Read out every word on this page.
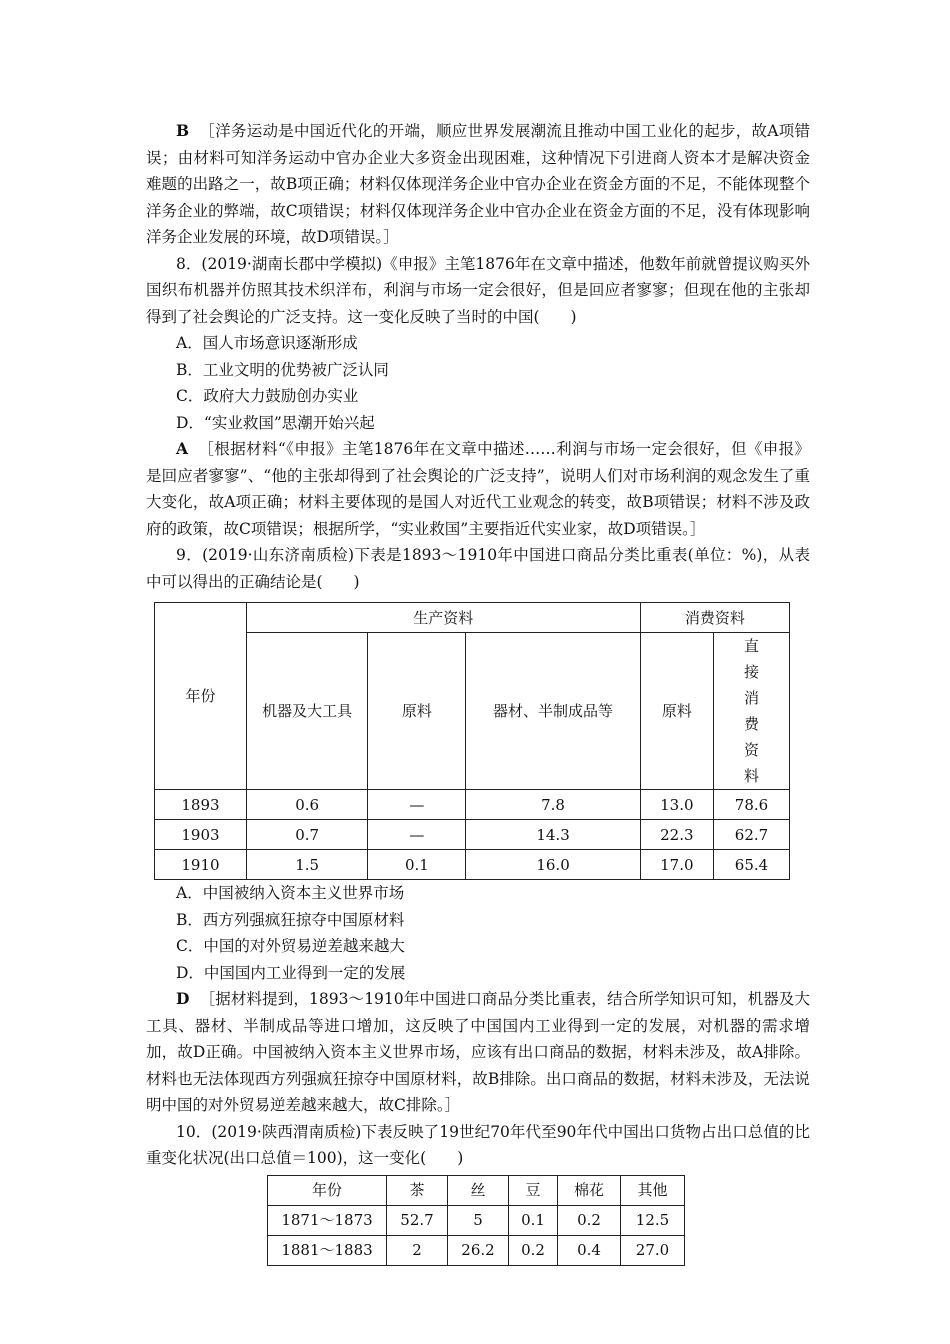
B ［洋务运动是中国近代化的开端，顺应世界发展潮流且推动中国工业化的起步，故A项错误；由材料可知洋务运动中官办企业大多资金出现困难，这种情况下引进商人资本才是解决资金难题的出路之一，故B项正确；材料仅体现洋务企业中官办企业在资金方面的不足，不能体现整个洋务企业的弊端，故C项错误；材料仅体现洋务企业中官办企业在资金方面的不足，没有体现影响洋务企业发展的环境，故D项错误。］

8．(2019·湖南长郡中学模拟)《申报》主笔1876年在文章中描述，他数年前就曾提议购买外国织布机器并仿照其技术织洋布，利润与市场一定会很好，但是回应者寥寥；但现在他的主张却得到了社会舆论的广泛支持。这一变化反映了当时的中国(　　)

A．国人市场意识逐渐形成

B．工业文明的优势被广泛认同

C．政府大力鼓励创办实业

D．“实业救国”思潮开始兴起

A ［根据材料“《申报》主笔1876年在文章中描述……利润与市场一定会很好，但《申报》是回应者寥寥”、“他的主张却得到了社会舆论的广泛支持”，说明人们对市场利润的观念发生了重大变化，故A项正确；材料主要体现的是国人对近代工业观念的转变，故B项错误；材料不涉及政府的政策，故C项错误；根据所学，“实业救国”主要指近代实业家，故D项错误。］

9．(2019·山东济南质检)下表是1893～1910年中国进口商品分类比重表(单位：%)，从表中可以得出的正确结论是(　　)

年份	生产资料			消费资料	
	机器及大工具	原料	器材、半制成品等	原料	直接消费资料
1893	0.6	—	7.8	13.0	78.6
1903	0.7	—	14.3	22.3	62.7
1910	1.5	0.1	16.0	17.0	65.4

A．中国被纳入资本主义世界市场

B．西方列强疯狂掠夺中国原材料

C．中国的对外贸易逆差越来越大

D．中国国内工业得到一定的发展

D ［据材料提到，1893～1910年中国进口商品分类比重表，结合所学知识可知，机器及大工具、器材、半制成品等进口增加，这反映了中国国内工业得到一定的发展，对机器的需求增加，故D正确。中国被纳入资本主义世界市场，应该有出口商品的数据，材料未涉及，故A排除。材料也无法体现西方列强疯狂掠夺中国原材料，故B排除。出口商品的数据，材料未涉及，无法说明中国的对外贸易逆差越来越大，故C排除。］

10．(2019·陕西渭南质检)下表反映了19世纪70年代至90年代中国出口货物占出口总值的比重变化状况(出口总值＝100)，这一变化(　　)

年份	茶	丝	豆	棉花	其他
1871～1873	52.7	5	0.1	0.2	12.5
1881～1883	2	26.2	0.2	0.4	27.0
